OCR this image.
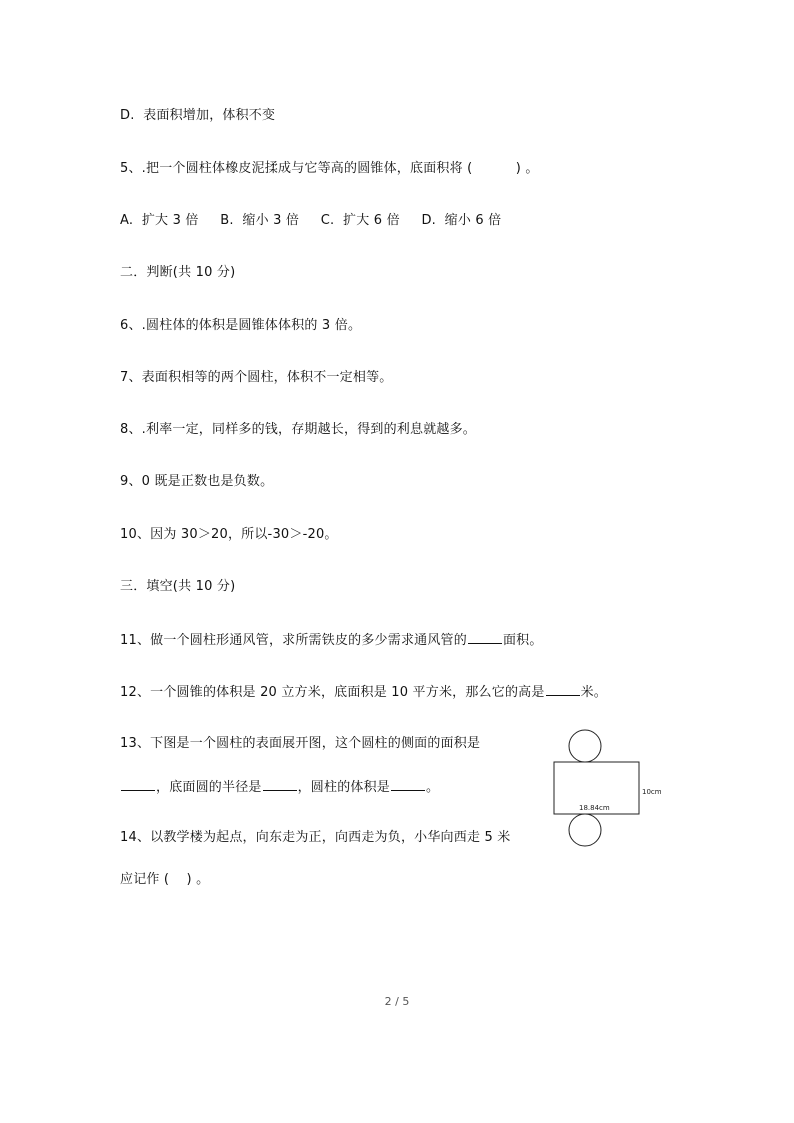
D.  表面积增加，体积不变
5、.把一个圆柱体橡皮泥揉成与它等高的圆锥体，底面积将 (          ) 。
A.  扩大 3 倍     B.  缩小 3 倍     C.  扩大 6 倍     D.  缩小 6 倍
二．判断(共 10 分)
6、.圆柱体的体积是圆锥体体积的 3 倍。
7、表面积相等的两个圆柱，体积不一定相等。
8、.利率一定，同样多的钱，存期越长，得到的利息就越多。
9、0 既是正数也是负数。
10、因为 30＞20，所以-30＞-20。
三．填空(共 10 分)
11、做一个圆柱形通风管，求所需铁皮的多少需求通风管的	面积。
12、一个圆锥的体积是 20 立方米，底面积是 10 平方米，那么它的高是	米。
13、下图是一个圆柱的表面展开图，这个圆柱的侧面的面积是
，底面圆的半径是	，圆柱的体积是	。
14、以教学楼为起点，向东走为正，向西走为负，小华向西走 5 米
应记作 (    ) 。
10cm
18.84cm
2 / 5
